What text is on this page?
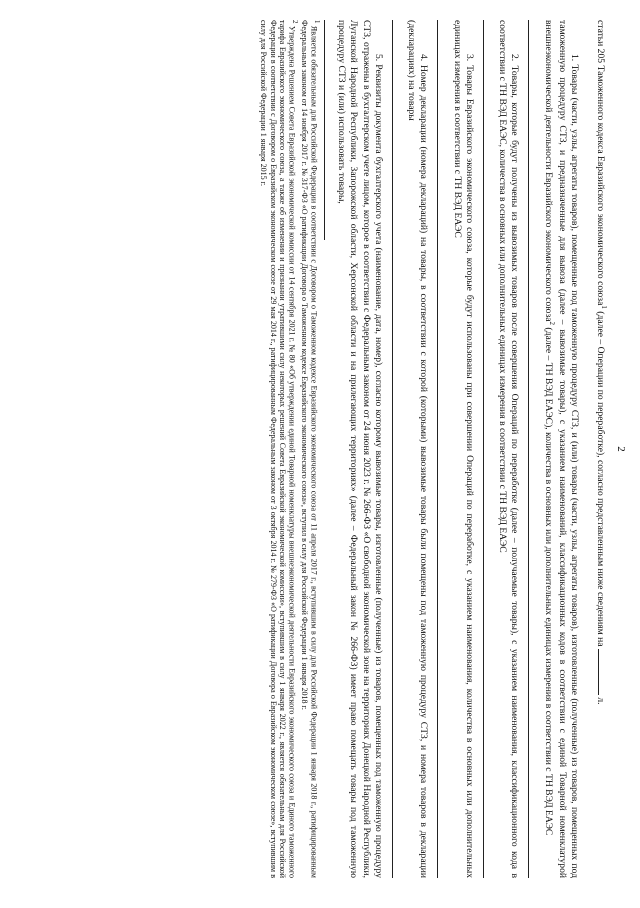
2

статьи 205 Таможенного кодекса Евразийского экономического союза$^1$ (далее – Операции по переработке), согласно представленным ниже сведениям на  л.

1. Товары (части, узлы, агрегаты товаров), помещенные под таможенную процедуру СТЗ, и (или) товары (части, узлы, агрегаты товаров), изготовленные (полученные) из товаров, помещенных под таможенную процедуру СТЗ, и предназначенные для вывоза (далее – вывозимые товары), с указанием наименований, классификационных кодов в соответствии с единой Товарной номенклатурой внешнеэкономической деятельности Евразийского экономического союза$^2$ (далее – ТН ВЭД ЕАЭС), количества в основных или дополнительных единицах измерения в соответствии с ТН ВЭД ЕАЭС

2. Товары, которые будут получены из вывозимых товаров после совершения Операций по переработке (далее – получаемые товары), с указанием наименования, классификационного кода в соответствии с ТН ВЭД ЕАЭС, количества в основных или дополнительных единицах измерения в соответствии с ТН ВЭД ЕАЭС

3. Товары Евразийского экономического союза, которые будут использованы при совершении Операций по переработке, с указанием наименования, количества в основных или дополнительных единицах измерения в соответствии с ТН ВЭД ЕАЭС

4. Номер декларации (номера деклараций) на товары, в соответствии с которой (которыми) вывозимые товары были помещены под таможенную процедуру СТЗ, и номера товаров в декларации (декларациях) на товары

5. Реквизиты документа бухгалтерского учета (наименование, дата, номер), согласно которому вывозимые товары, изготовленные (полученные) из товаров, помещенных под таможенную процедуру СТЗ, отражены в бухгалтерском учете лицом, которое в соответствии с Федеральным законом от 24 июня 2023 г. № 266-ФЗ «О свободной экономической зоне на территориях Донецкой Народной Республики, Луганской Народной Республики, Запорожской области, Херсонской области и на прилегающих территориях» (далее – Федеральный закон № 266-ФЗ) имеет право помещать товары под таможенную процедуру СТЗ и (или) использовать товары,

$^1$ Является обязательным для Российской Федерации в соответствии с Договором о Таможенном кодексе Евразийского экономического союза от 11 апреля 2017 г., вступившим в силу для Российской Федерации 1 января 2018 г., ратифицированным Федеральным законом от 14 ноября 2017 г. № 317-ФЗ «О ратификации Договора о Таможенном кодексе Евразийского экономического союза», вступил в силу для Российской Федерации 1 января 2018 г.

$^2$ Утверждена Решением Совета Евразийской экономической комиссии от 14 сентября 2021 г. № 80 «Об утверждении единой Товарной номенклатуры внешнеэкономической деятельности Евразийского экономического союза и Единого таможенного тарифа Евразийского экономического союза, а также об изменении и признании утратившими силу некоторых решений Совета Евразийской экономической комиссии», вступившим в силу 1 января 2022 г., является обязательным для Российской Федерации в соответствии с Договором о Евразийском экономическом союзе от 29 мая 2014 г., ратифицированным Федеральным законом от 3 октября 2014 г. № 279-ФЗ «О ратификации Договора о Евразийском экономическом союзе», вступившим в силу для Российской Федерации 1 января 2015 г.
